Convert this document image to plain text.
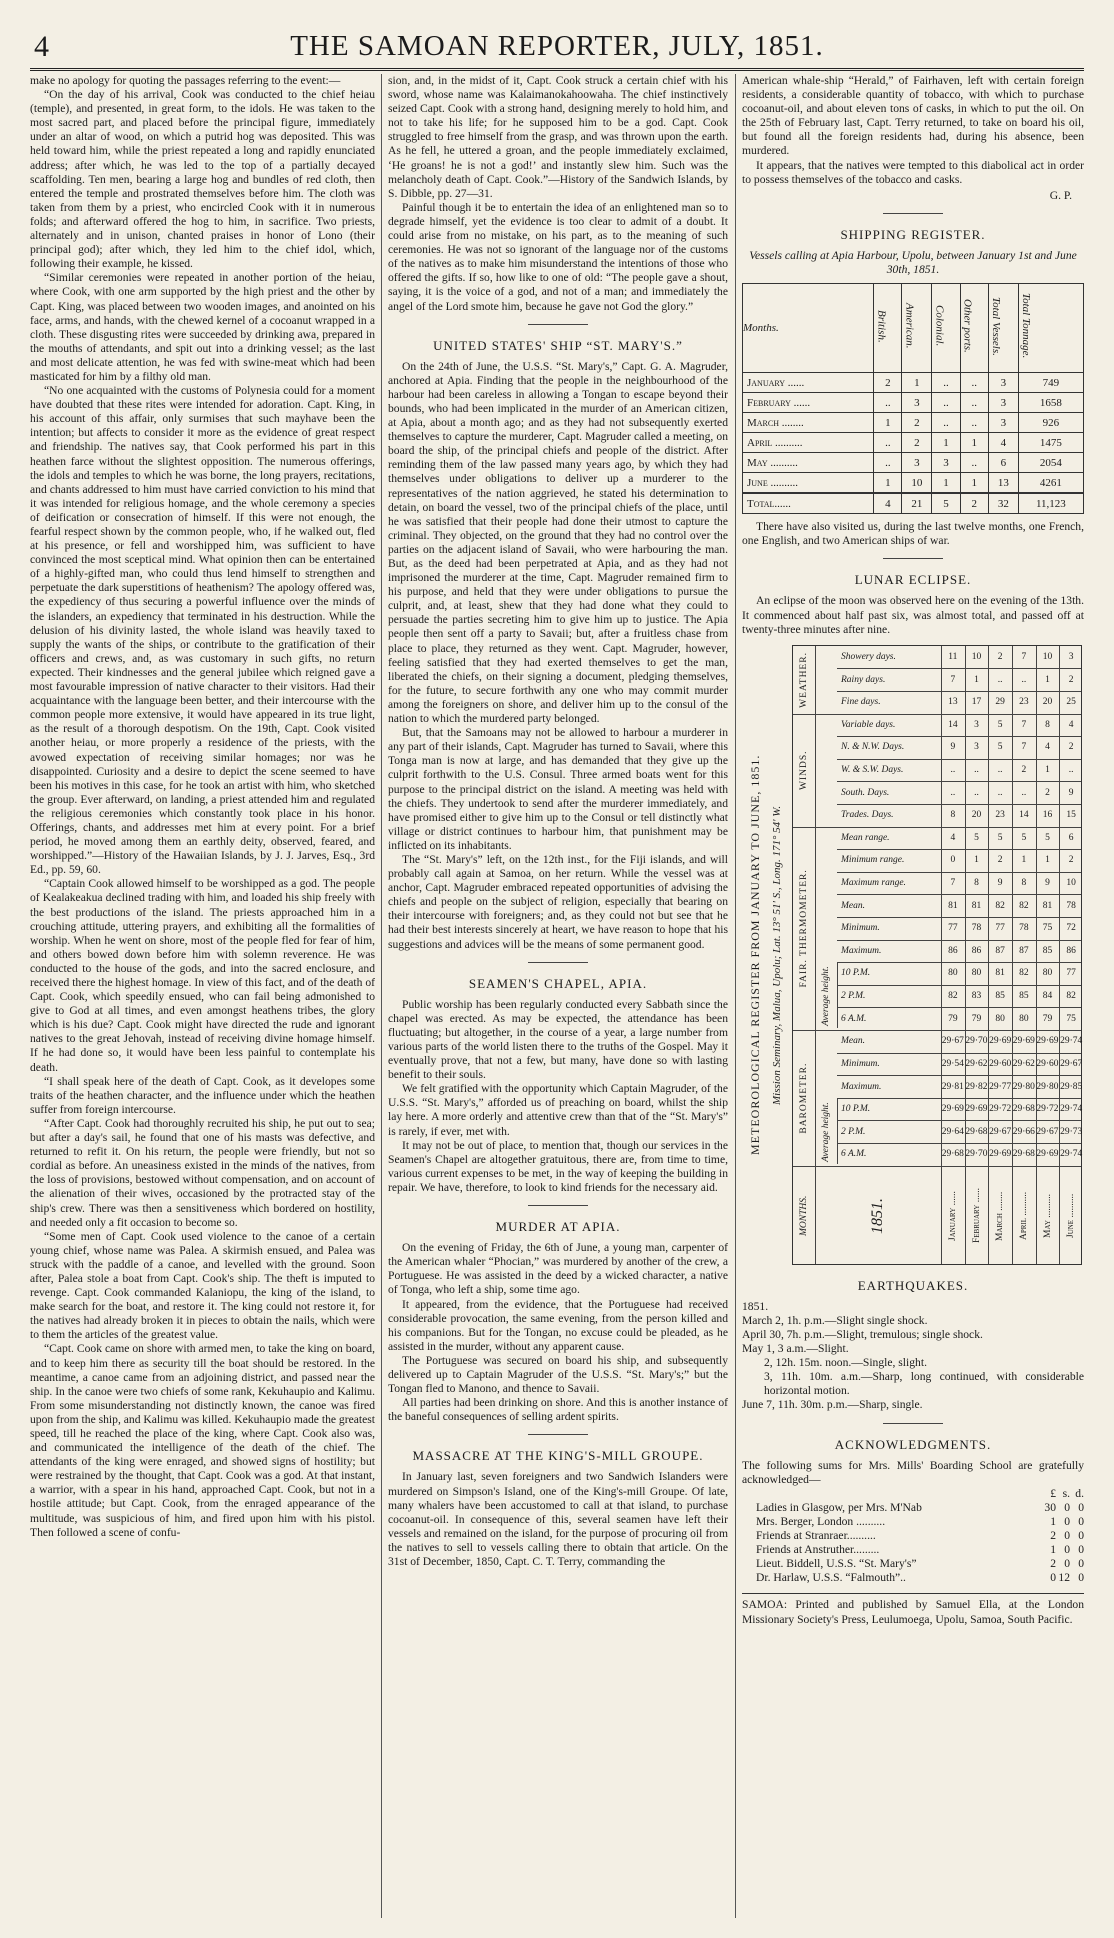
4	THE SAMOAN REPORTER, JULY, 1851.

make no apology for quoting the passages referring to the event:—

“On the day of his arrival, Cook was conducted to the chief heiau (temple), and presented, in great form, to the idols. He was taken to the most sacred part, and placed before the principal figure, immediately under an altar of wood, on which a putrid hog was deposited. This was held toward him, while the priest repeated a long and rapidly enunciated address; after which, he was led to the top of a partially decayed scaffolding. Ten men, bearing a large hog and bundles of red cloth, then entered the temple and prostrated themselves before him. The cloth was taken from them by a priest, who encircled Cook with it in numerous folds; and afterward offered the hog to him, in sacrifice. Two priests, alternately and in unison, chanted praises in honor of Lono (their principal god); after which, they led him to the chief idol, which, following their example, he kissed.

“Similar ceremonies were repeated in another portion of the heiau, where Cook, with one arm supported by the high priest and the other by Capt. King, was placed between two wooden images, and anointed on his face, arms, and hands, with the chewed kernel of a cocoanut wrapped in a cloth. These disgusting rites were succeeded by drinking awa, prepared in the mouths of attendants, and spit out into a drinking vessel; as the last and most delicate attention, he was fed with swine-meat which had been masticated for him by a filthy old man.

“No one acquainted with the customs of Polynesia could for a moment have doubted that these rites were intended for adoration. Capt. King, in his account of this affair, only surmises that such mayhave been the intention; but affects to consider it more as the evidence of great respect and friendship. The natives say, that Cook performed his part in this heathen farce without the slightest opposition. The numerous offerings, the idols and temples to which he was borne, the long prayers, recitations, and chants addressed to him must have carried conviction to his mind that it was intended for religious homage, and the whole ceremony a species of deification or consecration of himself. If this were not enough, the fearful respect shown by the common people, who, if he walked out, fled at his presence, or fell and worshipped him, was sufficient to have convinced the most sceptical mind. What opinion then can be entertained of a highly-gifted man, who could thus lend himself to strengthen and perpetuate the dark superstitions of heathenism? The apology offered was, the expediency of thus securing a powerful influence over the minds of the islanders, an expediency that terminated in his destruction. While the delusion of his divinity lasted, the whole island was heavily taxed to supply the wants of the ships, or contribute to the gratification of their officers and crews, and, as was customary in such gifts, no return expected. Their kindnesses and the general jubilee which reigned gave a most favourable impression of native character to their visitors. Had their acquaintance with the language been better, and their intercourse with the common people more extensive, it would have appeared in its true light, as the result of a thorough despotism. On the 19th, Capt. Cook visited another heiau, or more properly a residence of the priests, with the avowed expectation of receiving similar homages; nor was he disappointed. Curiosity and a desire to depict the scene seemed to have been his motives in this case, for he took an artist with him, who sketched the group. Ever afterward, on landing, a priest attended him and regulated the religious ceremonies which constantly took place in his honor. Offerings, chants, and addresses met him at every point. For a brief period, he moved among them an earthly deity, observed, feared, and worshipped.”—History of the Hawaiian Islands, by J. J. Jarves, Esq., 3rd Ed., pp. 59, 60.

“Captain Cook allowed himself to be worshipped as a god. The people of Kealakeakua declined trading with him, and loaded his ship freely with the best productions of the island. The priests approached him in a crouching attitude, uttering prayers, and exhibiting all the formalities of worship. When he went on shore, most of the people fled for fear of him, and others bowed down before him with solemn reverence. He was conducted to the house of the gods, and into the sacred enclosure, and received there the highest homage. In view of this fact, and of the death of Capt. Cook, which speedily ensued, who can fail being admonished to give to God at all times, and even amongst heathens tribes, the glory which is his due? Capt. Cook might have directed the rude and ignorant natives to the great Jehovah, instead of receiving divine homage himself. If he had done so, it would have been less painful to contemplate his death.

“I shall speak here of the death of Capt. Cook, as it developes some traits of the heathen character, and the influence under which the heathen suffer from foreign intercourse.

“After Capt. Cook had thoroughly recruited his ship, he put out to sea; but after a day's sail, he found that one of his masts was defective, and returned to refit it. On his return, the people were friendly, but not so cordial as before. An uneasiness existed in the minds of the natives, from the loss of provisions, bestowed without compensation, and on account of the alienation of their wives, occasioned by the protracted stay of the ship's crew. There was then a sensitiveness which bordered on hostility, and needed only a fit occasion to become so.

“Some men of Capt. Cook used violence to the canoe of a certain young chief, whose name was Palea. A skirmish ensued, and Palea was struck with the paddle of a canoe, and levelled with the ground. Soon after, Palea stole a boat from Capt. Cook's ship. The theft is imputed to revenge. Capt. Cook commanded Kalaniopu, the king of the island, to make search for the boat, and restore it. The king could not restore it, for the natives had already broken it in pieces to obtain the nails, which were to them the articles of the greatest value.

“Capt. Cook came on shore with armed men, to take the king on board, and to keep him there as security till the boat should be restored. In the meantime, a canoe came from an adjoining district, and passed near the ship. In the canoe were two chiefs of some rank, Kekuhaupio and Kalimu. From some misunderstanding not distinctly known, the canoe was fired upon from the ship, and Kalimu was killed. Kekuhaupio made the greatest speed, till he reached the place of the king, where Capt. Cook also was, and communicated the intelligence of the death of the chief. The attendants of the king were enraged, and showed signs of hostility; but were restrained by the thought, that Capt. Cook was a god. At that instant, a warrior, with a spear in his hand, approached Capt. Cook, but not in a hostile attitude; but Capt. Cook, from the enraged appearance of the multitude, was suspicious of him, and fired upon him with his pistol. Then followed a scene of confu-

sion, and, in the midst of it, Capt. Cook struck a certain chief with his sword, whose name was Kalaimanokahoowaha. The chief instinctively seized Capt. Cook with a strong hand, designing merely to hold him, and not to take his life; for he supposed him to be a god. Capt. Cook struggled to free himself from the grasp, and was thrown upon the earth. As he fell, he uttered a groan, and the people immediately exclaimed, ‘He groans! he is not a god!’ and instantly slew him. Such was the melancholy death of Capt. Cook.”—History of the Sandwich Islands, by S. Dibble, pp. 27—31.

Painful though it be to entertain the idea of an enlightened man so to degrade himself, yet the evidence is too clear to admit of a doubt. It could arise from no mistake, on his part, as to the meaning of such ceremonies. He was not so ignorant of the language nor of the customs of the natives as to make him misunderstand the intentions of those who offered the gifts. If so, how like to one of old: “The people gave a shout, saying, it is the voice of a god, and not of a man; and immediately the angel of the Lord smote him, because he gave not God the glory.”

UNITED STATES' SHIP “ST. MARY'S.”

On the 24th of June, the U.S.S. “St. Mary's,” Capt. G. A. Magruder, anchored at Apia. Finding that the people in the neighbourhood of the harbour had been careless in allowing a Tongan to escape beyond their bounds, who had been implicated in the murder of an American citizen, at Apia, about a month ago; and as they had not subsequently exerted themselves to capture the murderer, Capt. Magruder called a meeting, on board the ship, of the principal chiefs and people of the district. After reminding them of the law passed many years ago, by which they had themselves under obligations to deliver up a murderer to the representatives of the nation aggrieved, he stated his determination to detain, on board the vessel, two of the principal chiefs of the place, until he was satisfied that their people had done their utmost to capture the criminal. They objected, on the ground that they had no control over the parties on the adjacent island of Savaii, who were harbouring the man. But, as the deed had been perpetrated at Apia, and as they had not imprisoned the murderer at the time, Capt. Magruder remained firm to his purpose, and held that they were under obligations to pursue the culprit, and, at least, shew that they had done what they could to persuade the parties secreting him to give him up to justice. The Apia people then sent off a party to Savaii; but, after a fruitless chase from place to place, they returned as they went. Capt. Magruder, however, feeling satisfied that they had exerted themselves to get the man, liberated the chiefs, on their signing a document, pledging themselves, for the future, to secure forthwith any one who may commit murder among the foreigners on shore, and deliver him up to the consul of the nation to which the murdered party belonged.

But, that the Samoans may not be allowed to harbour a murderer in any part of their islands, Capt. Magruder has turned to Savaii, where this Tonga man is now at large, and has demanded that they give up the culprit forthwith to the U.S. Consul. Three armed boats went for this purpose to the principal district on the island. A meeting was held with the chiefs. They undertook to send after the murderer immediately, and have promised either to give him up to the Consul or tell distinctly what village or district continues to harbour him, that punishment may be inflicted on its inhabitants.

The “St. Mary's” left, on the 12th inst., for the Fiji islands, and will probably call again at Samoa, on her return. While the vessel was at anchor, Capt. Magruder embraced repeated opportunities of advising the chiefs and people on the subject of religion, especially that bearing on their intercourse with foreigners; and, as they could not but see that he had their best interests sincerely at heart, we have reason to hope that his suggestions and advices will be the means of some permanent good.

SEAMEN'S CHAPEL, APIA.

Public worship has been regularly conducted every Sabbath since the chapel was erected. As may be expected, the attendance has been fluctuating; but altogether, in the course of a year, a large number from various parts of the world listen there to the truths of the Gospel. May it eventually prove, that not a few, but many, have done so with lasting benefit to their souls.

We felt gratified with the opportunity which Captain Magruder, of the U.S.S. “St. Mary's,” afforded us of preaching on board, whilst the ship lay here. A more orderly and attentive crew than that of the “St. Mary's” is rarely, if ever, met with.

It may not be out of place, to mention that, though our services in the Seamen's Chapel are altogether gratuitous, there are, from time to time, various current expenses to be met, in the way of keeping the building in repair. We have, therefore, to look to kind friends for the necessary aid.

MURDER AT APIA.

On the evening of Friday, the 6th of June, a young man, carpenter of the American whaler “Phocian,” was murdered by another of the crew, a Portuguese. He was assisted in the deed by a wicked character, a native of Tonga, who left a ship, some time ago.

It appeared, from the evidence, that the Portuguese had received considerable provocation, the same evening, from the person killed and his companions. But for the Tongan, no excuse could be pleaded, as he assisted in the murder, without any apparent cause.

The Portuguese was secured on board his ship, and subsequently delivered up to Captain Magruder of the U.S.S. “St. Mary's;” but the Tongan fled to Manono, and thence to Savaii.

All parties had been drinking on shore. And this is another instance of the baneful consequences of selling ardent spirits.

MASSACRE AT THE KING'S-MILL GROUPE.

In January last, seven foreigners and two Sandwich Islanders were murdered on Simpson's Island, one of the King's-mill Groupe. Of late, many whalers have been accustomed to call at that island, to purchase cocoanut-oil. In consequence of this, several seamen have left their vessels and remained on the island, for the purpose of procuring oil from the natives to sell to vessels calling there to obtain that article. On the 31st of December, 1850, Capt. C. T. Terry, commanding the

American whale-ship “Herald,” of Fairhaven, left with certain foreign residents, a considerable quantity of tobacco, with which to purchase cocoanut-oil, and about eleven tons of casks, in which to put the oil. On the 25th of February last, Capt. Terry returned, to take on board his oil, but found all the foreign residents had, during his absence, been murdered.

It appears, that the natives were tempted to this diabolical act in order to possess themselves of the tobacco and casks.

G. P.
SHIPPING REGISTER.
Vessels calling at Apia Harbour, Upolu, between January 1st and June 30th, 1851.
Months.	British.	American.	Colonial.	Other ports.	Total Vessels.	Total Tonnage.
January ......	2	1	..	..	3	749
February ......	..	3	..	..	3	1658
March ........	1	2	..	..	3	926
April ..........	..	2	1	1	4	1475
May ..........	..	3	3	..	6	2054
June ..........	1	10	1	1	13	4261
Total......	4	21	5	2	32	11,123

There have also visited us, during the last twelve months, one French, one English, and two American ships of war.

LUNAR ECLIPSE.

An eclipse of the moon was observed here on the evening of the 13th. It commenced about half past six, was almost total, and passed off at twenty-three minutes after nine.

METEOROLOGICAL REGISTER FROM JANUARY TO JUNE, 1851. Mission Seminary, Malua, Upolu; Lat. 13° 51' S., Long. 171° 54' W.
Showery days.	11	10	2	7	10	3
Rainy days.	7	1	..	..	1	2
Fine days.	13	17	29	23	20	25
Variable days.	14	3	5	7	8	4
N. & N.W. Days.	9	3	5	7	4	2
W. & S.W. Days.	..	..	..	2	1	..
South. Days.	..	..	..	..	2	9
Trades. Days.	8	20	23	14	16	15
Mean range.	4	5	5	5	5	6
Minimum range.	0	1	2	1	1	2
Maximum range.	7	8	9	8	9	10
Mean.	81	81	82	82	81	78
Minimum.	77	78	77	78	75	72
Maximum.	86	86	87	87	85	86
10 P.M.	80	80	81	82	80	77
2 P.M.	82	83	85	85	84	82
6 A.M.	79	79	80	80	79	75
Mean.	29·67 29·70 29·69 29·69 29·69 29·74
Minimum.	29·54 29·62 29·60 29·62 29·60 29·67
Maximum.	29·81 29·82 29·77 29·80 29·80 29·85
10 P.M.	29·69 29·69 29·72 29·68 29·72 29·74
2 P.M.	29·64 29·68 29·67 29·66 29·67 29·73
6 A.M.	29·68 29·70 29·69 29·68 29·69 29·74
WEATHER.
WINDS.
FAIR. THERMOMETER.
BAROMETER.
Average height.
Average height.
MONTHS.	1851.	January ......	February ......	March ........	April ..........	May ..........	June ..........
EARTHQUAKES.

1851.

March 2, 1h. p.m.—Slight single shock.

April 30, 7h. p.m.—Slight, tremulous; single shock.

May 1, 3 a.m.—Slight.

2, 12h. 15m. noon.—Single, slight.

3, 11h. 10m. a.m.—Sharp, long continued, with considerable horizontal motion.

June 7, 11h. 30m. p.m.—Sharp, single.

ACKNOWLEDGMENTS.

The following sums for Mrs. Mills' Boarding School are gratefully acknowledged—

£ s. d.
Ladies in Glasgow, per Mrs. M'Nab	30 0 0
Mrs. Berger, London ..........	1 0 0
Friends at Stranraer..........	2 0 0
Friends at Anstruther.........	1 0 0
Lieut. Biddell, U.S.S. “St. Mary's”	2 0 0
Dr. Harlaw, U.S.S. “Falmouth”..	0 12 0

SAMOA: Printed and published by Samuel Ella, at the London Missionary Society's Press, Leulumoega, Upolu, Samoa, South Pacific.
